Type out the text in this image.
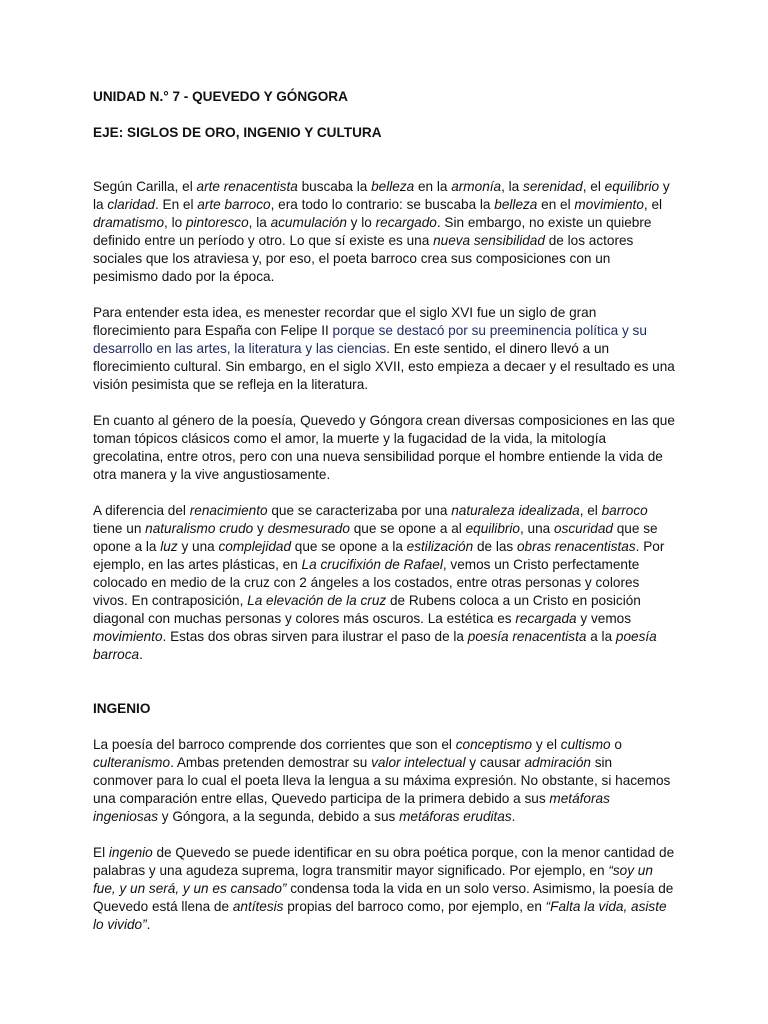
UNIDAD N.° 7 - QUEVEDO Y GÓNGORA

EJE: SIGLOS DE ORO, INGENIO Y CULTURA

Según Carilla, el arte renacentista buscaba la belleza en la armonía, la serenidad, el equilibrio y la claridad. En el arte barroco, era todo lo contrario: se buscaba la belleza en el movimiento, el dramatismo, lo pintoresco, la acumulación y lo recargado. Sin embargo, no existe un quiebre definido entre un período y otro. Lo que sí existe es una nueva sensibilidad de los actores sociales que los atraviesa y, por eso, el poeta barroco crea sus composiciones con un pesimismo dado por la época.

Para entender esta idea, es menester recordar que el siglo XVI fue un siglo de gran florecimiento para España con Felipe II porque se destacó por su preeminencia política y su desarrollo en las artes, la literatura y las ciencias. En este sentido, el dinero llevó a un florecimiento cultural. Sin embargo, en el siglo XVII, esto empieza a decaer y el resultado es una visión pesimista que se refleja en la literatura.

En cuanto al género de la poesía, Quevedo y Góngora crean diversas composiciones en las que toman tópicos clásicos como el amor, la muerte y la fugacidad de la vida, la mitología grecolatina, entre otros, pero con una nueva sensibilidad porque el hombre entiende la vida de otra manera y la vive angustiosamente.

A diferencia del renacimiento que se caracterizaba por una naturaleza idealizada, el barroco tiene un naturalismo crudo y desmesurado que se opone a al equilibrio, una oscuridad que se opone a la luz y una complejidad que se opone a la estilización de las obras renacentistas. Por ejemplo, en las artes plásticas, en La crucifixión de Rafael, vemos un Cristo perfectamente colocado en medio de la cruz con 2 ángeles a los costados, entre otras personas y colores vivos. En contraposición, La elevación de la cruz de Rubens coloca a un Cristo en posición diagonal con muchas personas y colores más oscuros. La estética es recargada y vemos movimiento. Estas dos obras sirven para ilustrar el paso de la poesía renacentista a la poesía barroca.

INGENIO

La poesía del barroco comprende dos corrientes que son el conceptismo y el cultismo o culteranismo. Ambas pretenden demostrar su valor intelectual y causar admiración sin conmover para lo cual el poeta lleva la lengua a su máxima expresión. No obstante, si hacemos una comparación entre ellas, Quevedo participa de la primera debido a sus metáforas ingeniosas y Góngora, a la segunda, debido a sus metáforas eruditas.

El ingenio de Quevedo se puede identificar en su obra poética porque, con la menor cantidad de palabras y una agudeza suprema, logra transmitir mayor significado. Por ejemplo, en “soy un fue, y un será, y un es cansado” condensa toda la vida en un solo verso. Asimismo, la poesía de Quevedo está llena de antítesis propias del barroco como, por ejemplo, en “Falta la vida, asiste lo vivido”.
